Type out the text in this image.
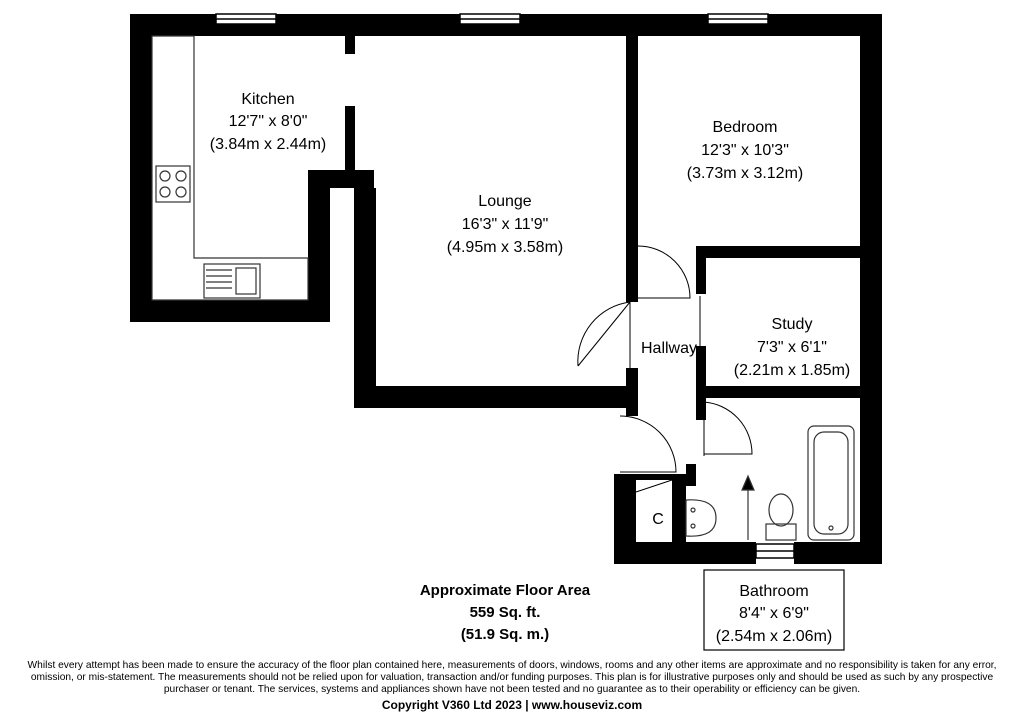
Kitchen
12'7" x 8'0"
(3.84m x 2.44m)
Lounge
16'3" x 11'9"
(4.95m x 3.58m)
Bedroom
12'3" x 10'3"
(3.73m x 3.12m)
Hallway
Study
7'3" x 6'1"
(2.21m x 1.85m)
C
Bathroom
8'4" x 6'9"
(2.54m x 2.06m)
Approximate Floor Area
559 Sq. ft.
(51.9 Sq. m.)
Whilst every attempt has been made to ensure the accuracy of the floor plan contained here, measurements of doors, windows, rooms and any other items are approximate and no responsibility is taken for any error, omission, or mis-statement. The measurements should not be relied upon for valuation, transaction and/or funding purposes. This plan is for illustrative purposes only and should be used as such by any prospective purchaser or tenant. The services, systems and appliances shown have not been tested and no guarantee as to their operability or efficiency can be given.
Copyright V360 Ltd 2023 | www.houseviz.com
